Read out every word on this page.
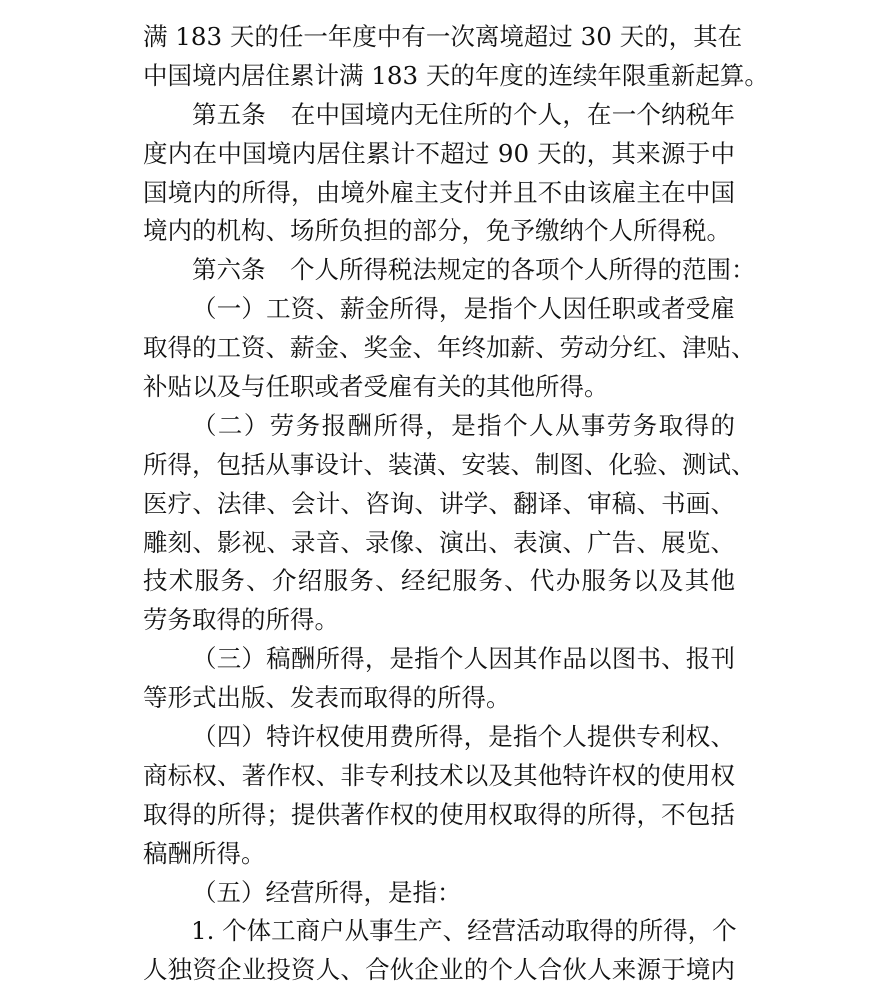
满 183 天的任一年度中有一次离境超过 30 天的，其在
中国境内居住累计满 183 天的年度的连续年限重新起算。
第五条　在中国境内无住所的个人，在一个纳税年
度内在中国境内居住累计不超过 90 天的，其来源于中
国境内的所得，由境外雇主支付并且不由该雇主在中国
境内的机构、场所负担的部分，免予缴纳个人所得税。
第六条　个人所得税法规定的各项个人所得的范围：
（一）工资、薪金所得，是指个人因任职或者受雇
取得的工资、薪金、奖金、年终加薪、劳动分红、津贴、
补贴以及与任职或者受雇有关的其他所得。
（二）劳务报酬所得，是指个人从事劳务取得的
所得，包括从事设计、装潢、安装、制图、化验、测试、
医疗、法律、会计、咨询、讲学、翻译、审稿、书画、
雕刻、影视、录音、录像、演出、表演、广告、展览、
技术服务、介绍服务、经纪服务、代办服务以及其他
劳务取得的所得。
（三）稿酬所得，是指个人因其作品以图书、报刊
等形式出版、发表而取得的所得。
（四）特许权使用费所得，是指个人提供专利权、
商标权、著作权、非专利技术以及其他特许权的使用权
取得的所得；提供著作权的使用权取得的所得，不包括
稿酬所得。
（五）经营所得，是指：
1. 个体工商户从事生产、经营活动取得的所得，个
人独资企业投资人、合伙企业的个人合伙人来源于境内
